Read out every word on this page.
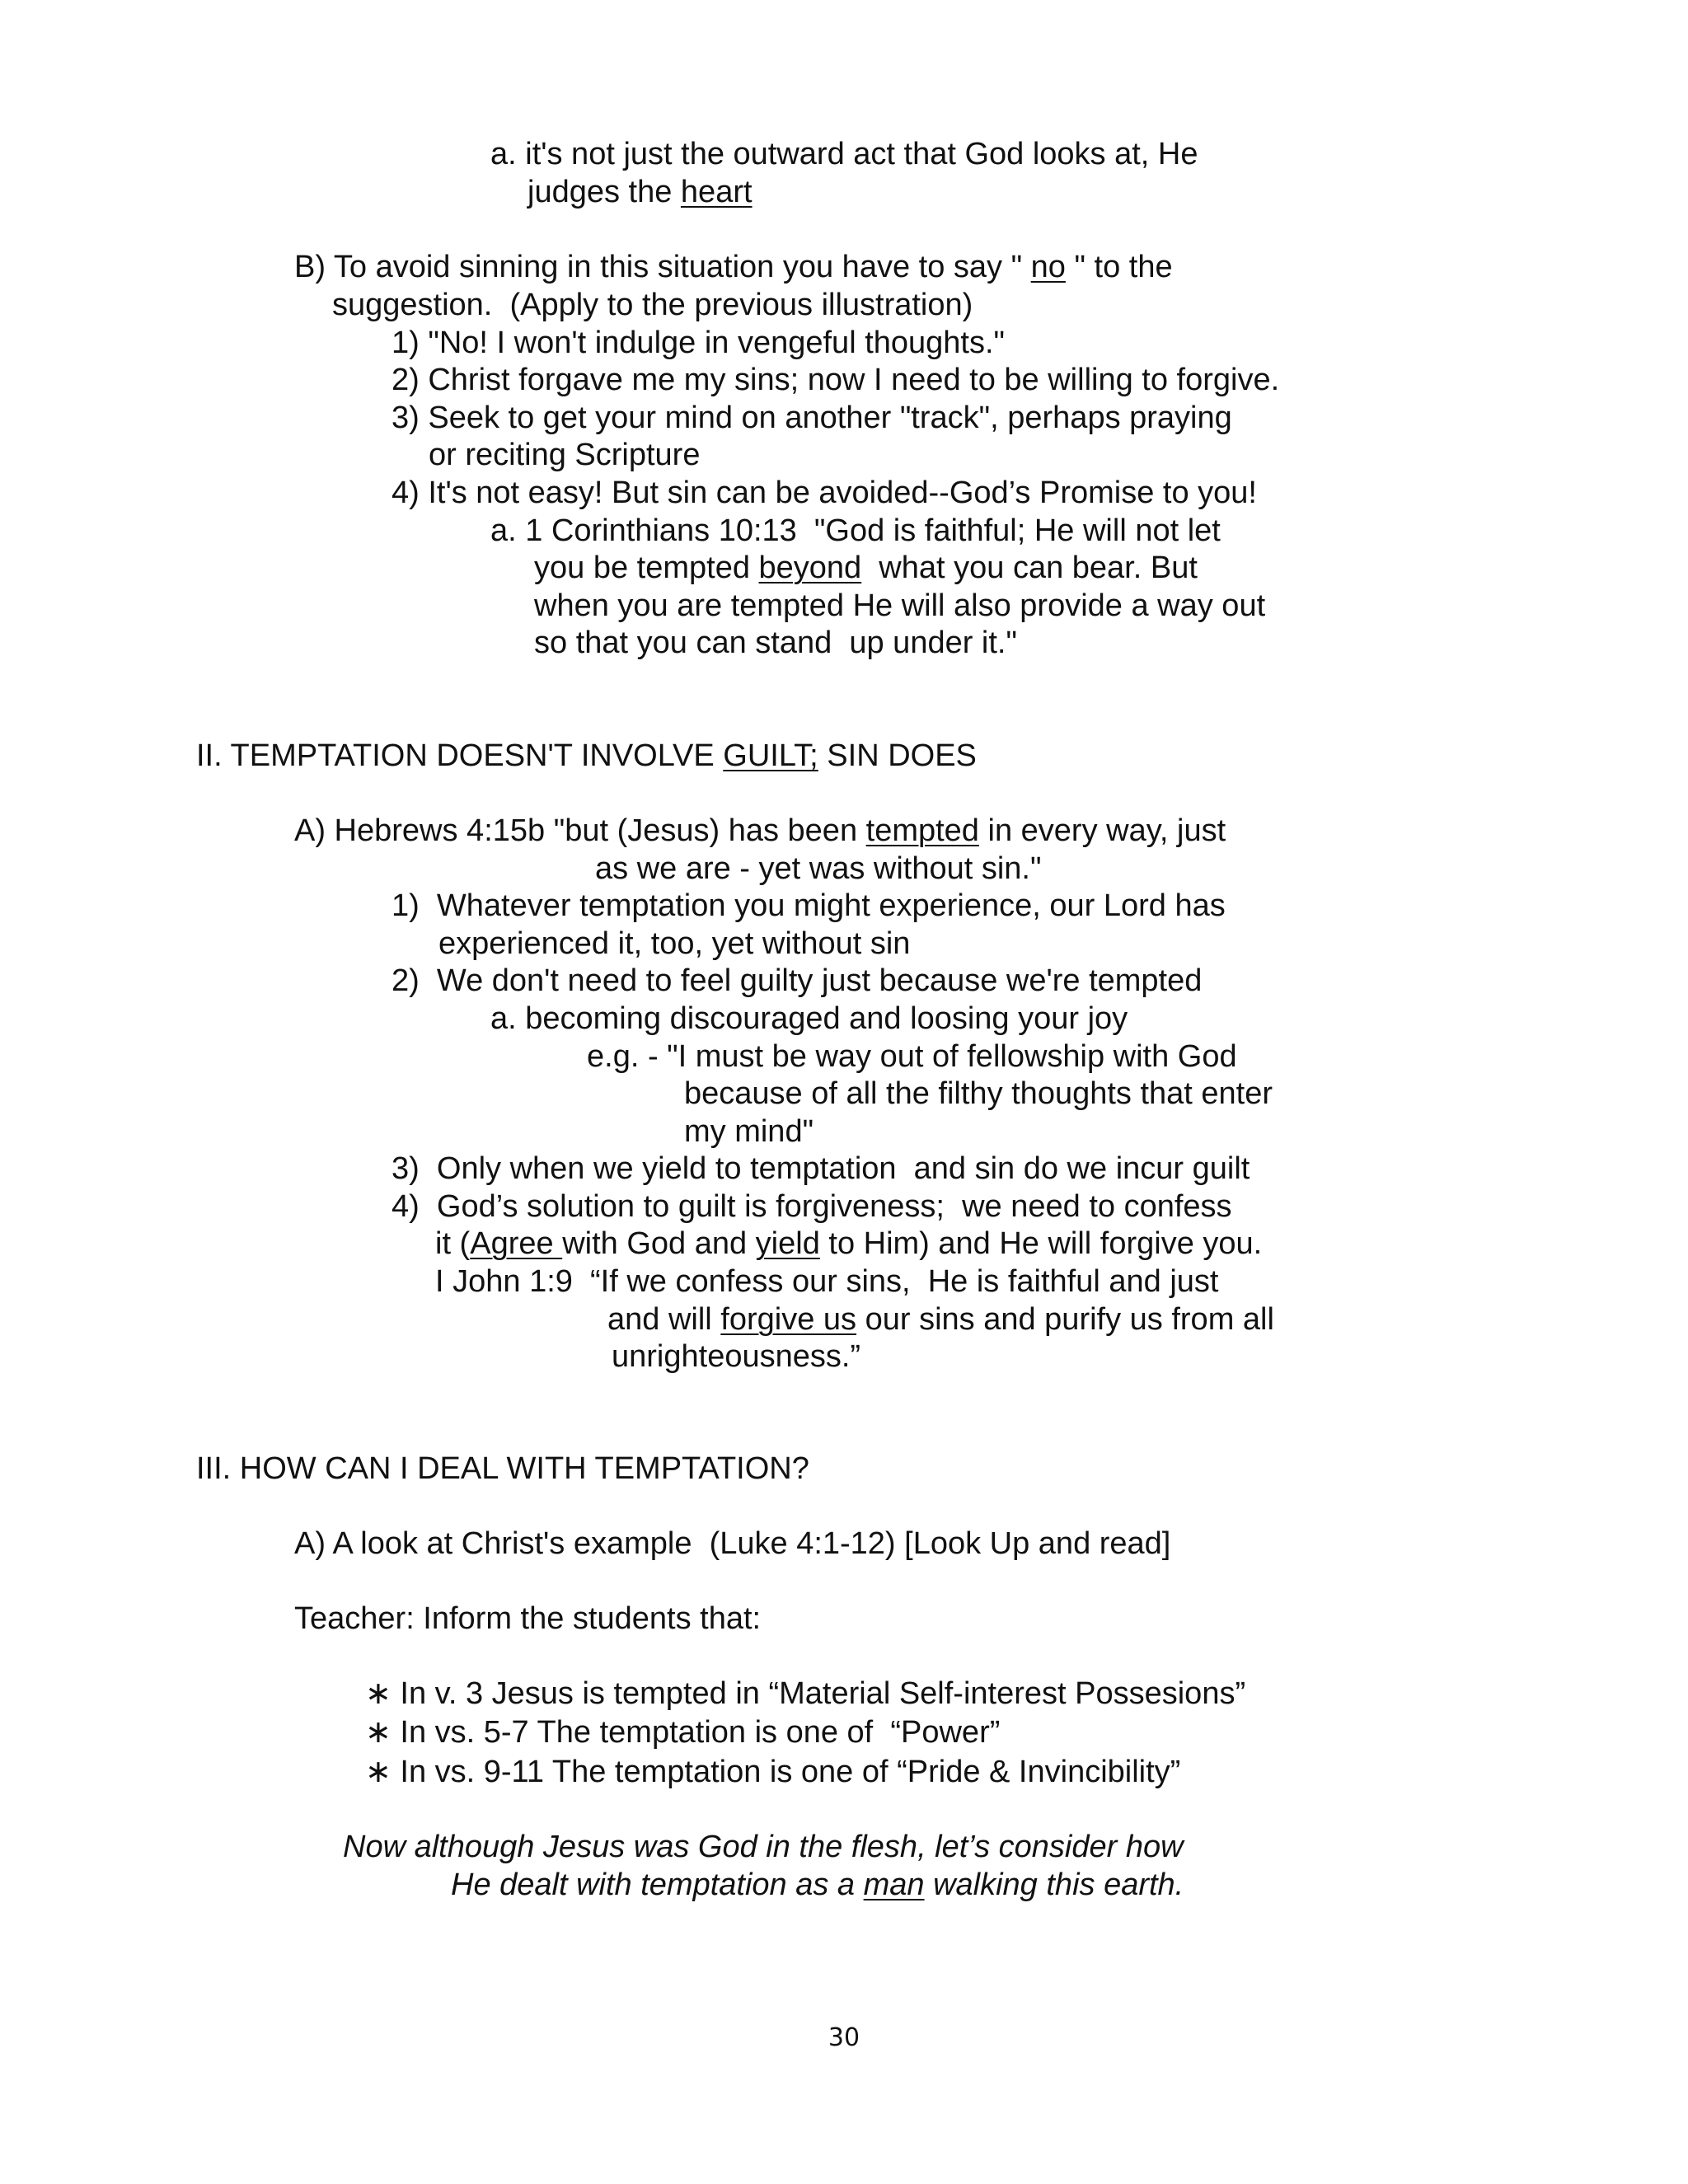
a. it's not just the outward act that God looks at, He
judges the heart
B) To avoid sinning in this situation you have to say " no " to the
suggestion.  (Apply to the previous illustration)
1) "No! I won't indulge in vengeful thoughts."
2) Christ forgave me my sins; now I need to be willing to forgive.
3) Seek to get your mind on another "track", perhaps praying
or reciting Scripture
4) It's not easy! But sin can be avoided--God’s Promise to you!
a. 1 Corinthians 10:13  "God is faithful; He will not let
you be tempted beyond  what you can bear. But
when you are tempted He will also provide a way out
so that you can stand  up under it."
II. TEMPTATION DOESN'T INVOLVE GUILT; SIN DOES
A) Hebrews 4:15b "but (Jesus) has been tempted in every way, just
as we are - yet was without sin."
1)  Whatever temptation you might experience, our Lord has
experienced it, too, yet without sin
2)  We don't need to feel guilty just because we're tempted
a. becoming discouraged and loosing your joy
e.g. - "I must be way out of fellowship with God
because of all the filthy thoughts that enter
my mind"
3)  Only when we yield to temptation  and sin do we incur guilt
4)  God’s solution to guilt is forgiveness;  we need to confess
it (Agree with God and yield to Him) and He will forgive you.
I John 1:9  “If we confess our sins,  He is faithful and just
and will forgive us our sins and purify us from all
unrighteousness.”
III. HOW CAN I DEAL WITH TEMPTATION?
A) A look at Christ's example  (Luke 4:1-12) [Look Up and read]
Teacher: Inform the students that:
∗ In v. 3 Jesus is tempted in “Material Self-interest Possesions”
∗ In vs. 5-7 The temptation is one of  “Power”
∗ In vs. 9-11 The temptation is one of “Pride & Invincibility”
Now although Jesus was God in the flesh, let’s consider how
He dealt with temptation as a man walking this earth.
30
